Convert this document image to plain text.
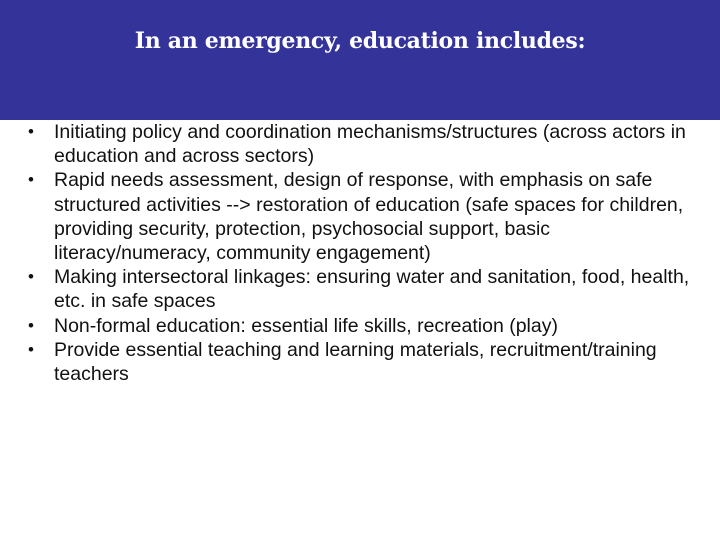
In an emergency, education includes:
•	Initiating policy and coordination mechanisms/structures (across actors in education and across sectors)
•	Rapid needs assessment, design of response, with emphasis on safe structured activities --> restoration of education (safe spaces for children, providing security, protection, psychosocial support, basic literacy/numeracy, community engagement)
•	Making intersectoral linkages: ensuring water and sanitation, food, health, etc. in safe spaces
•	Non-formal education: essential life skills, recreation (play)
•	Provide essential teaching and learning materials, recruitment/training teachers
